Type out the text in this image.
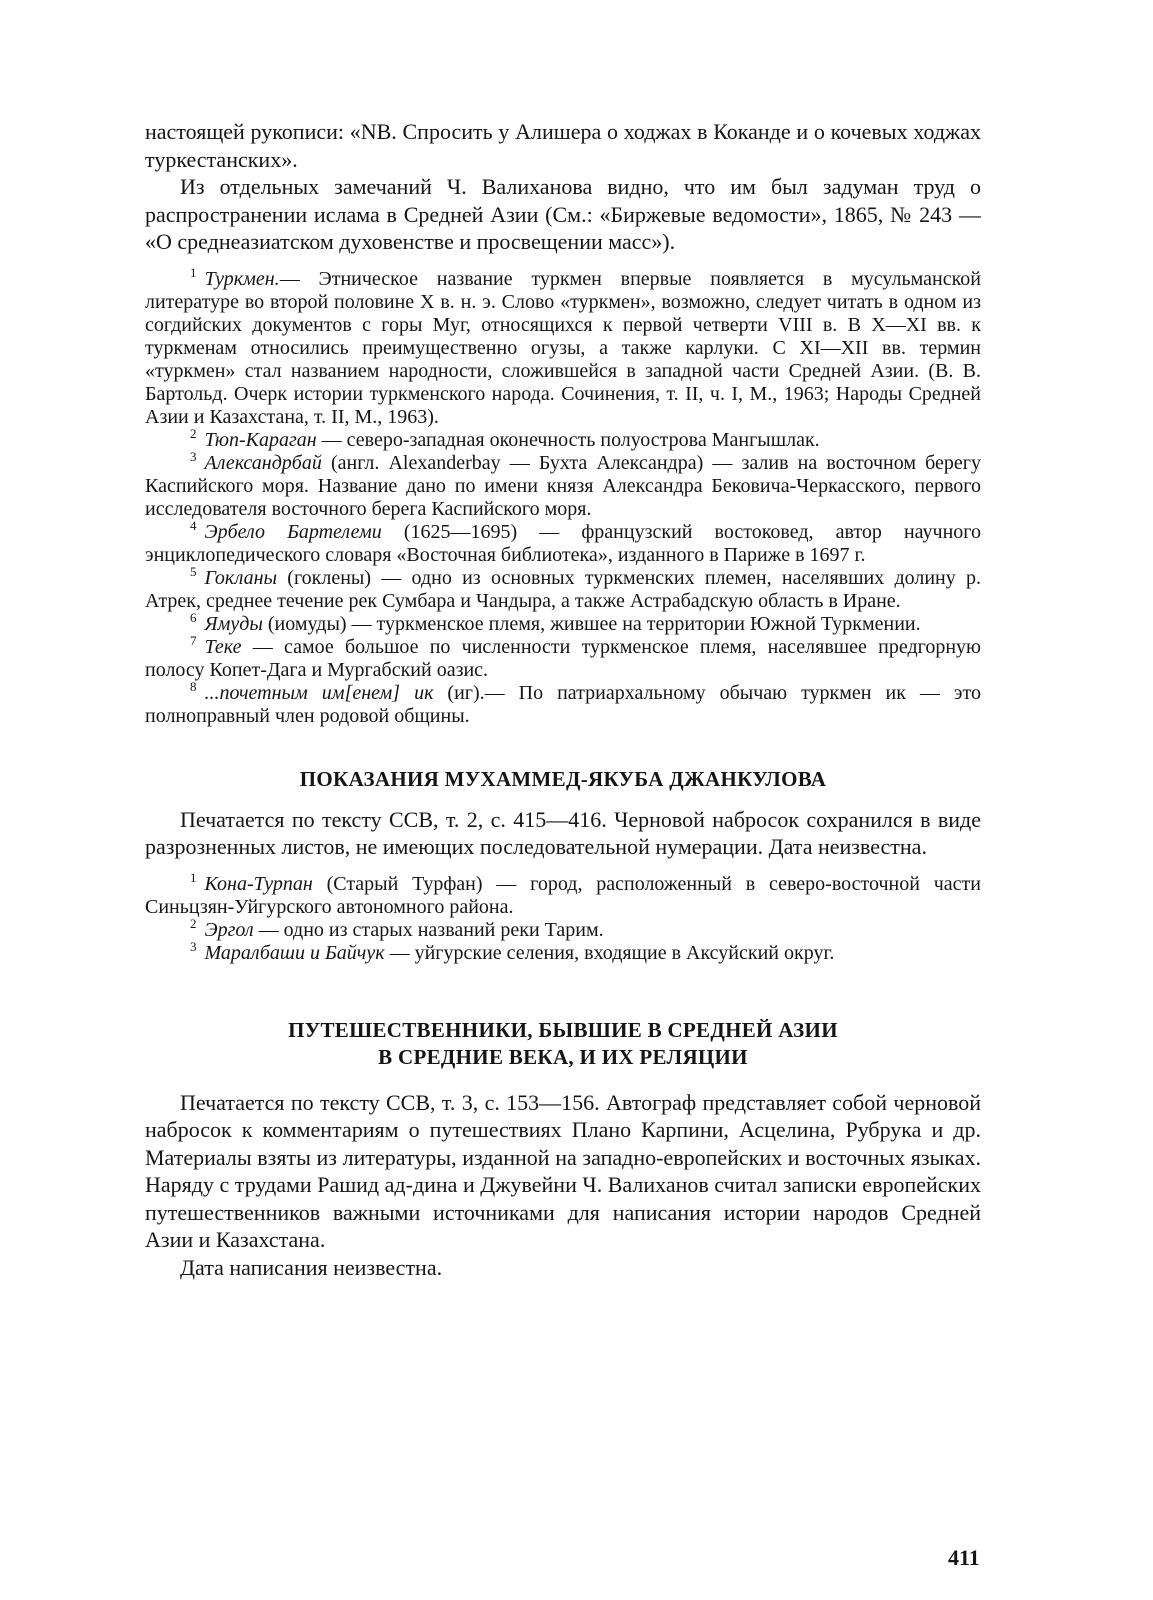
настоящей рукописи: «NB. Спросить у Алишера о ходжах в Коканде и о кочевых ходжах туркестанских».

Из отдельных замечаний Ч. Валиханова видно, что им был задуман труд о распространении ислама в Средней Азии (См.: «Биржевые ведомости», 1865, № 243 — «О среднеазиатском духовенстве и просвещении масс»).

$^1$ Туркмен.— Этническое название туркмен впервые появляется в мусульманской литературе во второй половине X в. н. э. Слово «туркмен», возможно, следует читать в одном из согдийских документов с горы Муг, относящихся к первой четверти VIII в. В X—XI вв. к туркменам относились преимущественно огузы, а также карлуки. С XI—XII вв. термин «туркмен» стал названием народности, сложившейся в западной части Средней Азии. (В. В. Бартольд. Очерк истории туркменского народа. Сочинения, т. II, ч. I, М., 1963; Народы Средней Азии и Казахстана, т. II, М., 1963).

$^2$ Тюп-Караган — северо-западная оконечность полуострова Мангышлак.

$^3$ Александрбай (англ. Alexanderbay — Бухта Александра) — залив на восточном берегу Каспийского моря. Название дано по имени князя Александра Бековича-Черкасского, первого исследователя восточного берега Каспийского моря.

$^4$ Эрбело Бартелеми (1625—1695) — французский востоковед, автор научного энциклопедического словаря «Восточная библиотека», изданного в Париже в 1697 г.

$^5$ Гокланы (гоклены) — одно из основных туркменских племен, населявших долину р. Атрек, среднее течение рек Сумбара и Чандыра, а также Астрабадскую область в Иране.

$^6$ Ямуды (иомуды) — туркменское племя, жившее на территории Южной Туркмении.

$^7$ Теке — самое большое по численности туркменское племя, населявшее предгорную полосу Копет-Дага и Мургабский оазис.

$^8$ ...почетным им[енем] ик (иг).— По патриархальному обычаю туркмен ик — это полноправный член родовой общины.

ПОКАЗАНИЯ МУХАММЕД-ЯКУБА ДЖАНКУЛОВА

Печатается по тексту ССВ, т. 2, с. 415—416. Черновой набросок сохранился в виде разрозненных листов, не имеющих последовательной нумерации. Дата неизвестна.

$^1$ Кона-Турпан (Старый Турфан) — город, расположенный в северо-восточной части Синьцзян-Уйгурского автономного района.

$^2$ Эргол — одно из старых названий реки Тарим.

$^3$ Маралбаши и Байчук — уйгурские селения, входящие в Аксуйский округ.

ПУТЕШЕСТВЕННИКИ, БЫВШИЕ В СРЕДНЕЙ АЗИИ
В СРЕДНИЕ ВЕКА, И ИХ РЕЛЯЦИИ

Печатается по тексту ССВ, т. 3, с. 153—156. Автограф представляет собой черновой набросок к комментариям о путешествиях Плано Карпини, Асцелина, Рубрука и др. Материалы взяты из литературы, изданной на западно-европейских и восточных языках. Наряду с трудами Рашид ад-дина и Джувейни Ч. Валиханов считал записки европейских путешественников важными источниками для написания истории народов Средней Азии и Казахстана.

Дата написания неизвестна.

411
